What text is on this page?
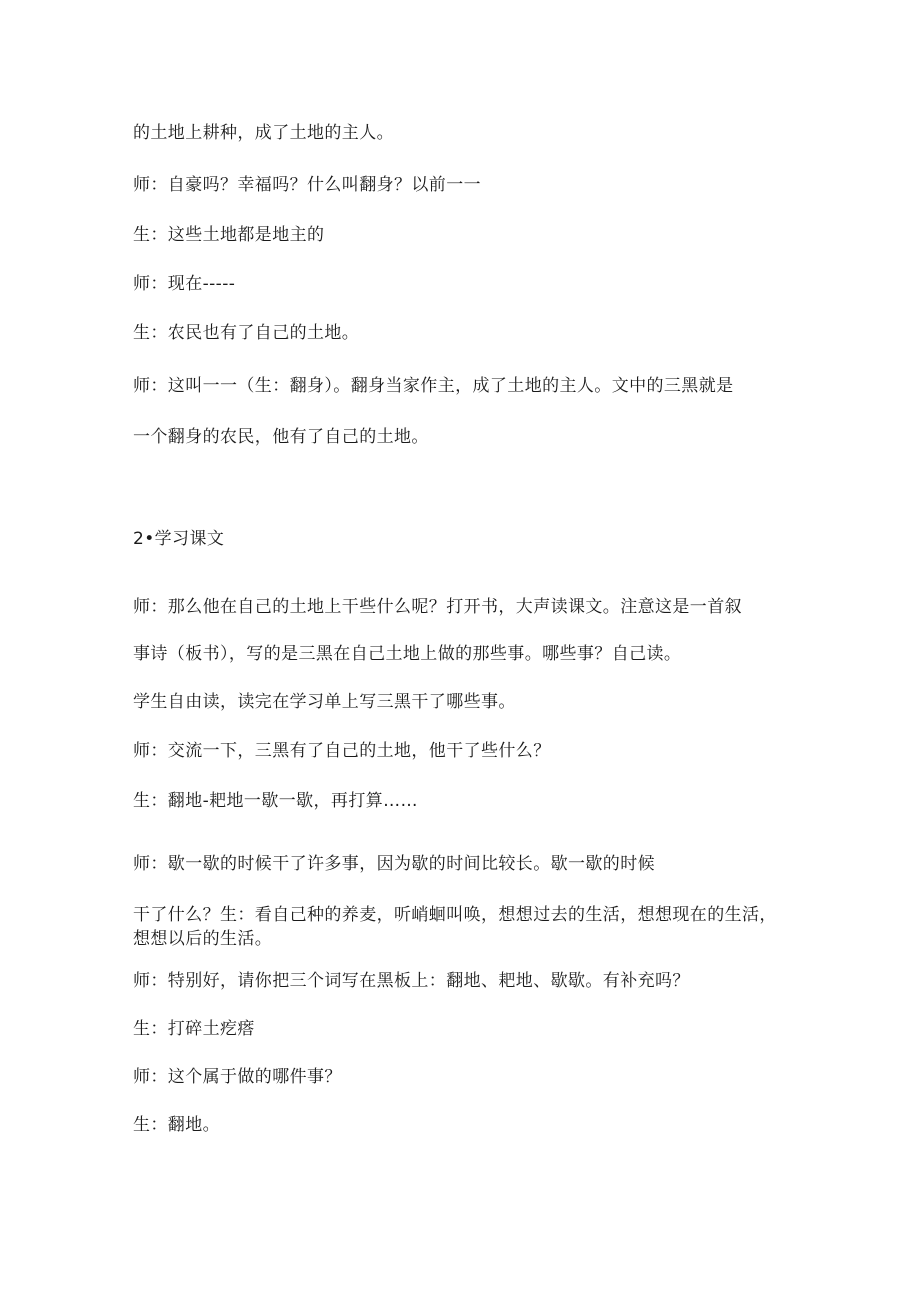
的土地上耕种，成了土地的主人。
师：自豪吗？幸福吗？什么叫翻身？以前一一
生：这些土地都是地主的
师：现在-----
生：农民也有了自己的土地。
师：这叫一一（生：翻身）。翻身当家作主，成了土地的主人。文中的三黑就是
一个翻身的农民，他有了自己的土地。
2•学习课文
师：那么他在自己的土地上干些什么呢？打开书，大声读课文。注意这是一首叙
事诗（板书），写的是三黑在自己土地上做的那些事。哪些事？自己读。
学生自由读，读完在学习单上写三黑干了哪些事。
师：交流一下，三黑有了自己的土地，他干了些什么？
生：翻地-耙地一歇一歇，再打算……
师：歇一歇的时候干了许多事，因为歇的时间比较长。歇一歇的时候
干了什么？生：看自己种的养麦，听峭蛔叫唤，想想过去的生活，想想现在的生活，想想以后的生活。
师：特别好，请你把三个词写在黑板上：翻地、耙地、歇歇。有补充吗？
生：打碎土疙瘩
师：这个属于做的哪件事？
生：翻地。
